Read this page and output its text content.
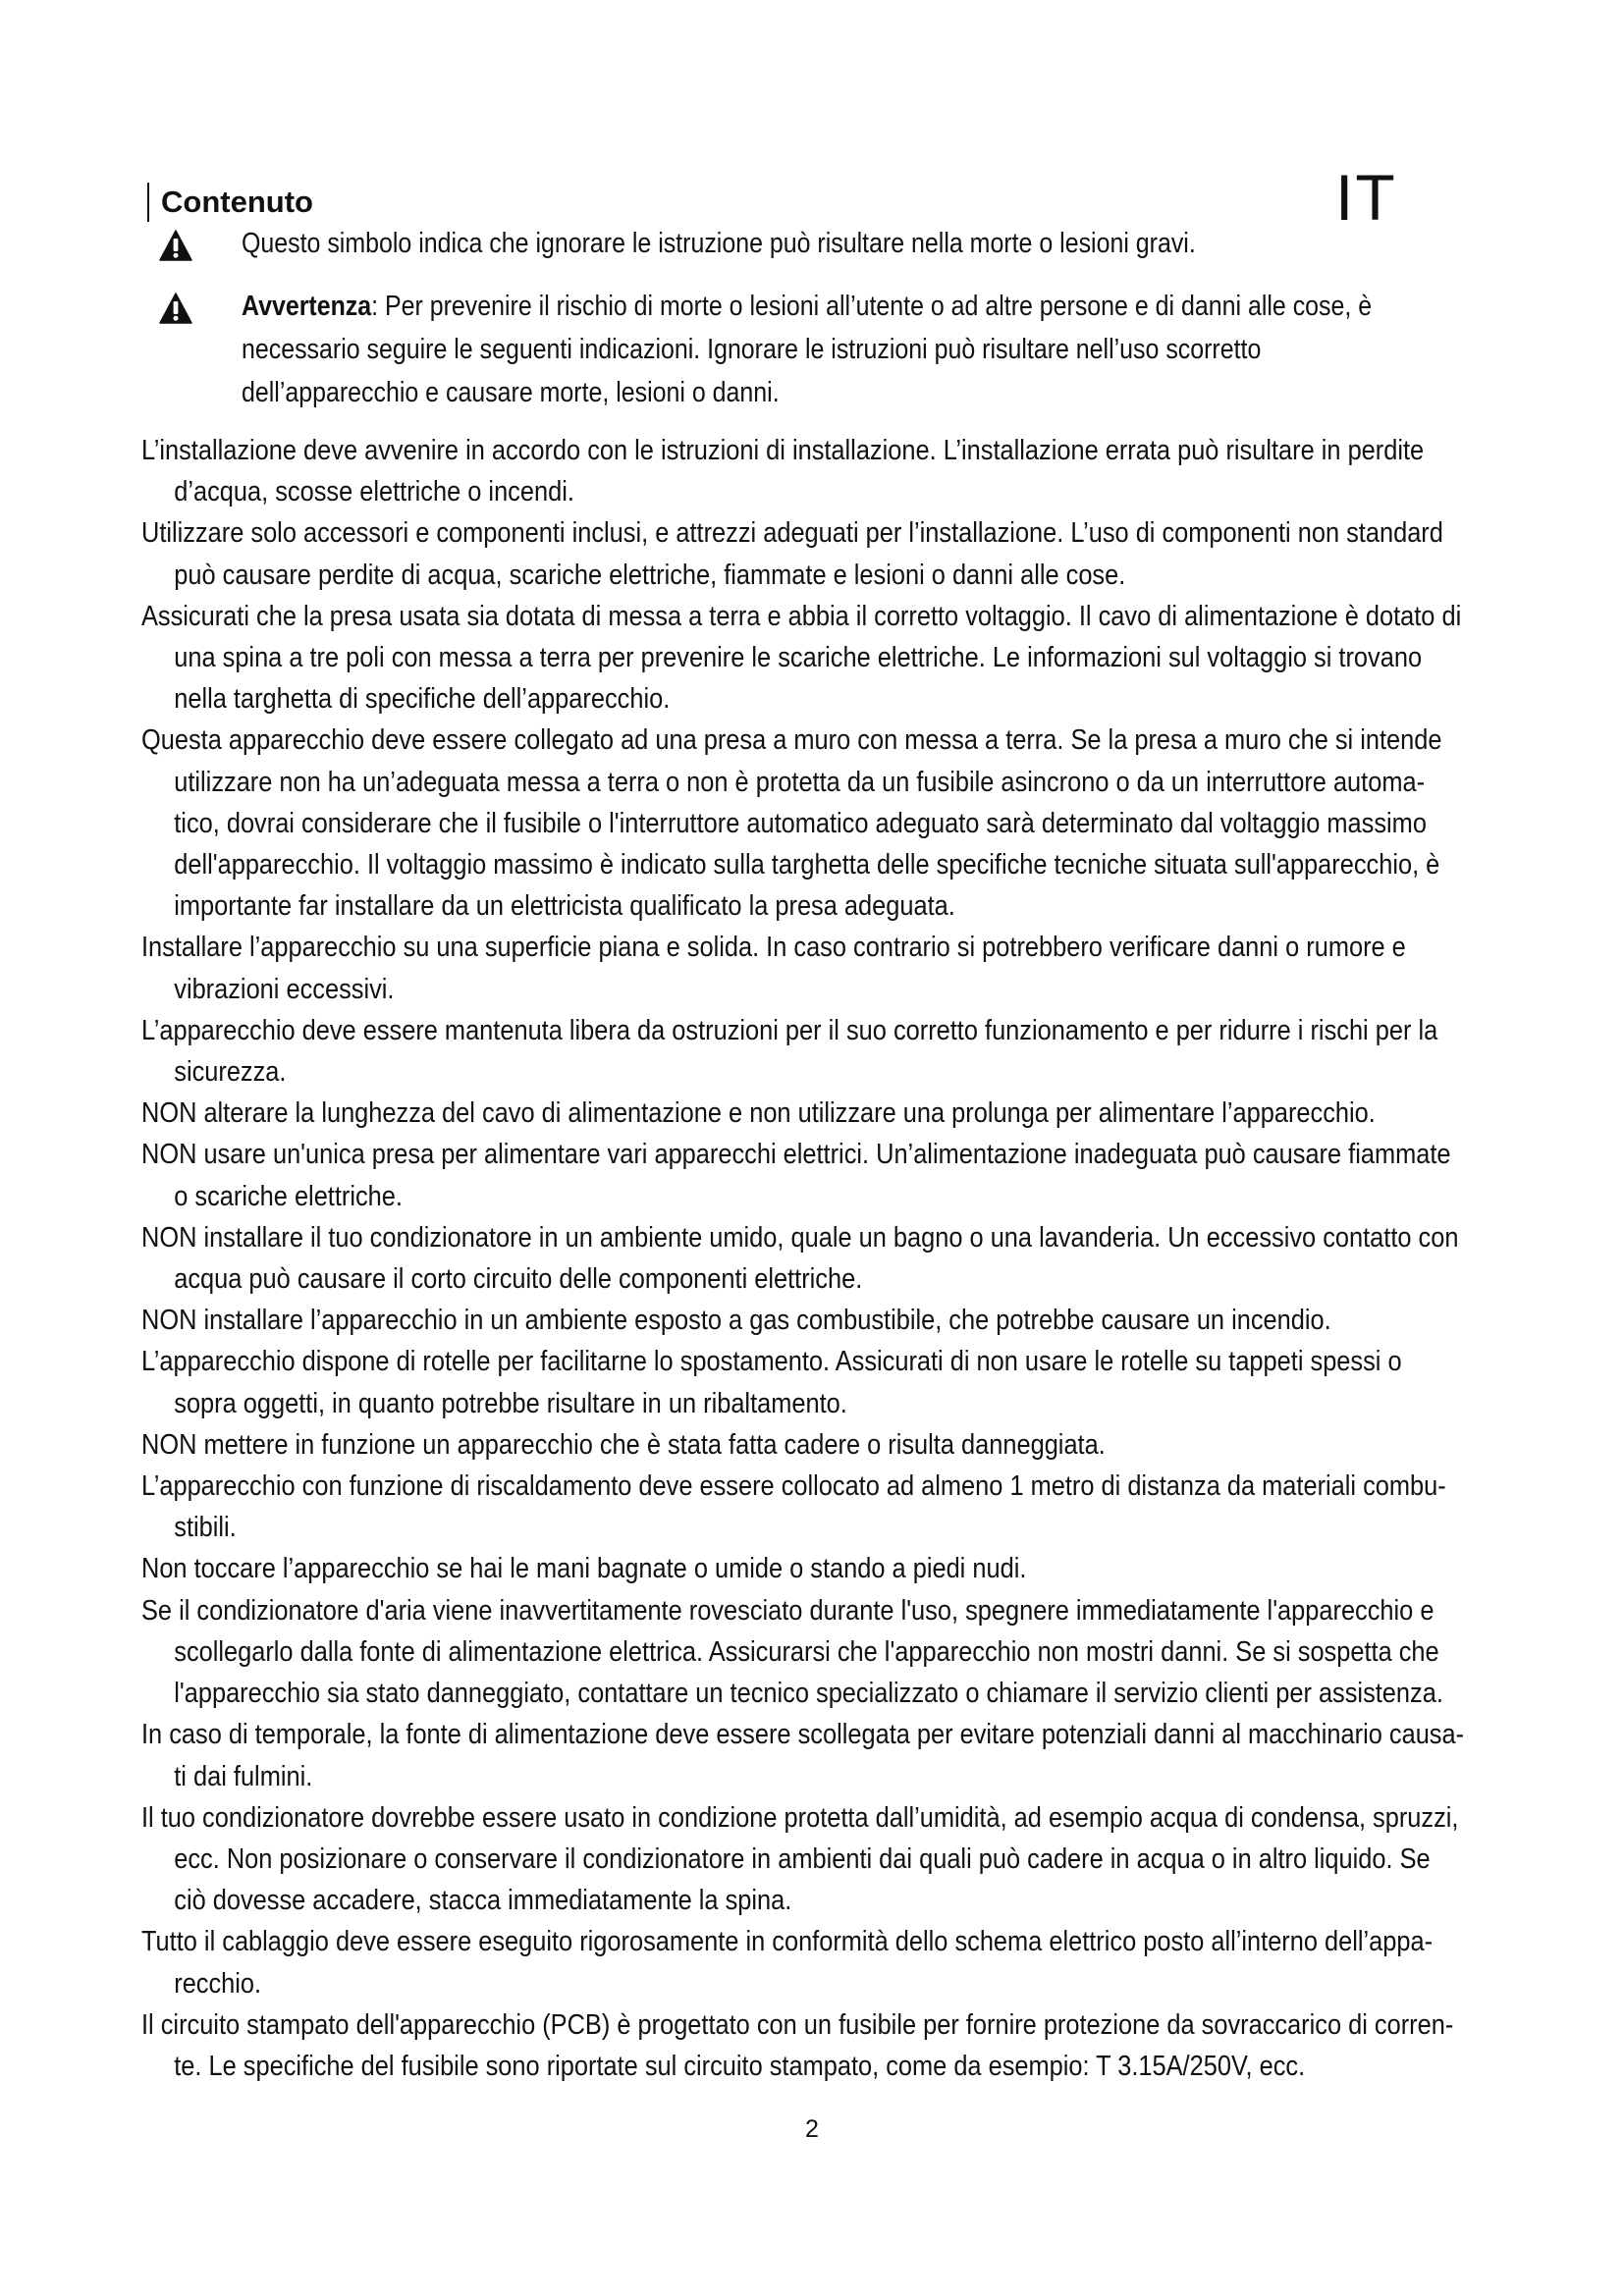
IT
Contenuto
Questo simbolo indica che ignorare le istruzione può risultare nella morte o lesioni gravi.
Avvertenza: Per prevenire il rischio di morte o lesioni all’utente o ad altre persone e di danni alle cose, è necessario seguire le seguenti indicazioni. Ignorare le istruzioni può risultare nell’uso scorretto dell’apparecchio e causare morte, lesioni o danni.
L’installazione deve avvenire in accordo con le istruzioni di installazione. L’installazione errata può risultare in perdite d’acqua, scosse elettriche o incendi.
Utilizzare solo accessori e componenti inclusi, e attrezzi adeguati per l’installazione. L’uso di componenti non standard può causare perdite di acqua, scariche elettriche, fiammate e lesioni o danni alle cose.
Assicurati che la presa usata sia dotata di messa a terra e abbia il corretto voltaggio. Il cavo di alimentazione è dotato di una spina a tre poli con messa a terra per prevenire le scariche elettriche. Le informazioni sul voltaggio si trovano nella targhetta di specifiche dell’apparecchio.
Questa apparecchio deve essere collegato ad una presa a muro con messa a terra. Se la presa a muro che si intende utilizzare non ha un’adeguata messa a terra o non è protetta da un fusibile asincrono o da un interruttore automa-tico, dovrai considerare che il fusibile o l'interruttore automatico adeguato sarà determinato dal voltaggio massimo dell'apparecchio. Il voltaggio massimo è indicato sulla targhetta delle specifiche tecniche situata sull'apparecchio, è importante far installare da un elettricista qualificato la presa adeguata.
Installare l’apparecchio su una superficie piana e solida. In caso contrario si potrebbero verificare danni o rumore e vibrazioni eccessivi.
L’apparecchio deve essere mantenuta libera da ostruzioni per il suo corretto funzionamento e per ridurre i rischi per la sicurezza.
NON alterare la lunghezza del cavo di alimentazione e non utilizzare una prolunga per alimentare l’apparecchio.
NON usare un'unica presa per alimentare vari apparecchi elettrici. Un’alimentazione inadeguata può causare fiammate o scariche elettriche.
NON installare il tuo condizionatore in un ambiente umido, quale un bagno o una lavanderia. Un eccessivo contatto con acqua può causare il corto circuito delle componenti elettriche.
NON installare l’apparecchio in un ambiente esposto a gas combustibile, che potrebbe causare un incendio.
L’apparecchio dispone di rotelle per facilitarne lo spostamento. Assicurati di non usare le rotelle su tappeti spessi o sopra oggetti, in quanto potrebbe risultare in un ribaltamento.
NON mettere in funzione un apparecchio che è stata fatta cadere o risulta danneggiata.
L’apparecchio con funzione di riscaldamento deve essere collocato ad almeno 1 metro di distanza da materiali combu-stibili.
Non toccare l’apparecchio se hai le mani bagnate o umide o stando a piedi nudi.
Se il condizionatore d'aria viene inavvertitamente rovesciato durante l'uso, spegnere immediatamente l'apparecchio e scollegarlo dalla fonte di alimentazione elettrica. Assicurarsi che l'apparecchio non mostri danni. Se si sospetta che l'apparecchio sia stato danneggiato, contattare un tecnico specializzato o chiamare il servizio clienti per assistenza.
In caso di temporale, la fonte di alimentazione deve essere scollegata per evitare potenziali danni al macchinario causa-ti dai fulmini.
Il tuo condizionatore dovrebbe essere usato in condizione protetta dall’umidità, ad esempio acqua di condensa, spruzzi, ecc. Non posizionare o conservare il condizionatore in ambienti dai quali può cadere in acqua o in altro liquido. Se ciò dovesse accadere, stacca immediatamente la spina.
Tutto il cablaggio deve essere eseguito rigorosamente in conformità dello schema elettrico posto all’interno dell’appa-recchio.
Il circuito stampato dell'apparecchio (PCB) è progettato con un fusibile per fornire protezione da sovraccarico di corren-te. Le specifiche del fusibile sono riportate sul circuito stampato, come da esempio: T 3.15A/250V, ecc.
2
